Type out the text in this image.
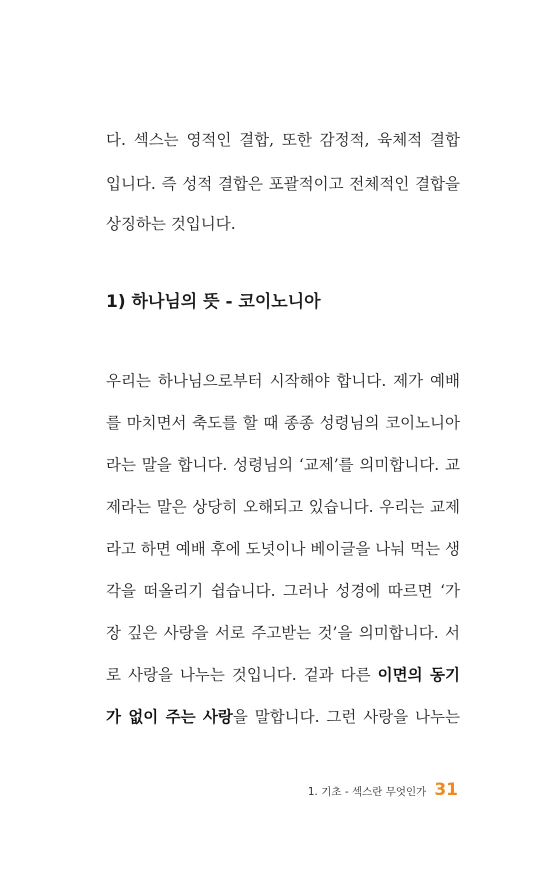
다. 섹스는 영적인 결합, 또한 감정적, 육체적 결합
입니다. 즉 성적 결합은 포괄적이고 전체적인 결합을
상징하는 것입니다.
1) 하나님의 뜻 - 코이노니아
우리는 하나님으로부터 시작해야 합니다. 제가 예배
를 마치면서 축도를 할 때 종종 성령님의 코이노니아
라는 말을 합니다. 성령님의 ‘교제’를 의미합니다. 교
제라는 말은 상당히 오해되고 있습니다. 우리는 교제
라고 하면 예배 후에 도넛이나 베이글을 나눠 먹는 생
각을 떠올리기 쉽습니다. 그러나 성경에 따르면 ‘가
장 깊은 사랑을 서로 주고받는 것’을 의미합니다. 서
로 사랑을 나누는 것입니다. 겉과 다른 이면의 동기
가 없이 주는 사랑을 말합니다. 그런 사랑을 나누는
1. 기초 - 섹스란 무엇인가 31
